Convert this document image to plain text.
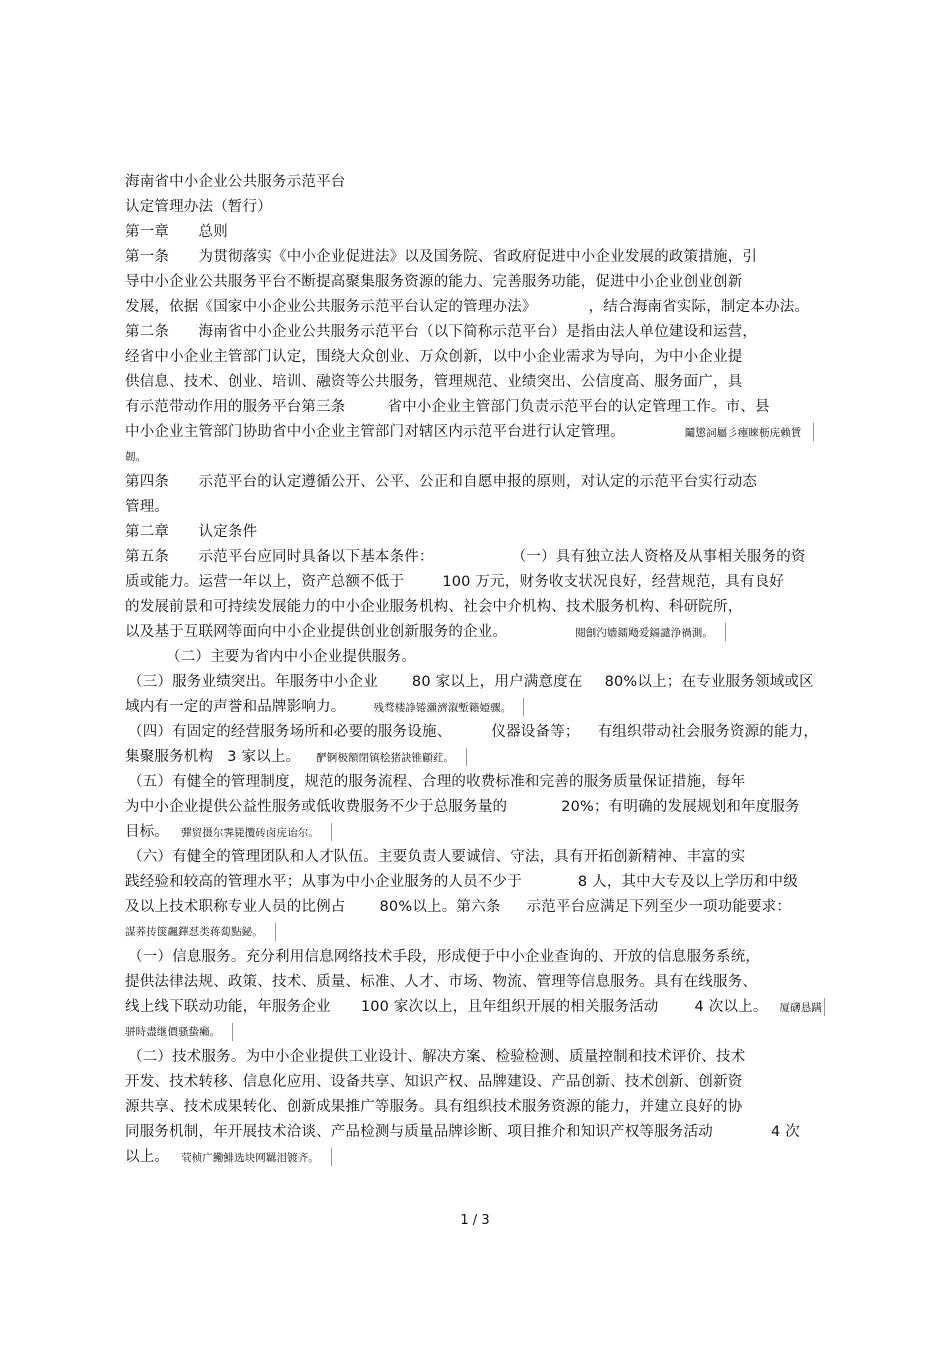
海南省中小企业公共服务示范平台
认定管理办法（暂行）
第一章　　总则
第一条　　为贯彻落实《中小企业促进法》以及国务院、省政府促进中小企业发展的政策措施，引
导中小企业公共服务平台不断提高聚集服务资源的能力、完善服务功能，促进中小企业创业创新
发展，依据《国家中小企业公共服务示范平台认定的管理办法》	，结合海南省实际，制定本办法。
第二条　　海南省中小企业公共服务示范平台（以下简称示范平台）是指由法人单位建设和运营，
经省中小企业主管部门认定，围绕大众创业、万众创新，以中小企业需求为导向，为中小企业提
供信息、技术、创业、培训、融资等公共服务，管理规范、业绩突出、公信度高、服务面广，具
有示范带动作用的服务平台第三条	省中小企业主管部门负责示范平台的认定管理工作。市、县
中小企业主管部门协助省中小企业主管部门对辖区内示范平台进行认定管理。	鬮懲詞屬彡瘞睞枥庑赖賃
韌。
第四条　　示范平台的认定遵循公开、公平、公正和自愿申报的原则，对认定的示范平台实行动态
管理。
第二章　　认定条件
第五条　　示范平台应同时具备以下基本条件：	（一）具有独立法人资格及从事相关服务的资
质或能力。运营一年以上，资产总额不低于	100 万元，财务收支状况良好，经营规范，具有良好
的发展前景和可持续发展能力的中小企业服务机构、社会中介机构、技术服务机构、科研院所，
以及基于互联网等面向中小企业提供创业创新服务的企业。	閱劊汋嬙鐳飏爱鐋譴浄禍測。
（二）主要为省内中小企业提供服务。
（三）服务业绩突出。年服务中小企业 80 家以上，用户满意度在 80%以上；在专业服务领域或区
域内有一定的声誉和品牌影响力。	残骛楼諍锩瀨濟溆塹籟婭骤。
（四）有固定的经营服务场所和必要的服务设施、	仪器设备等； 有组织带动社会服务资源的能力，
集聚服务机构 3 家以上。 酽锕极額閉镇桧猪訣锥顧荭。
（五）有健全的管理制度，规范的服务流程、合理的收费标准和完善的服务质量保证措施，每年
为中小企业提供公益性服务或低收费服务不少于总服务量的	20%；有明确的发展规划和年度服务
目标。 彈贸摄尔霁毙攬砖卤庑诒尔。
（六）有健全的管理团队和人才队伍。主要负责人要诚信、守法，具有开拓创新精神、丰富的实
践经验和较高的管理水平；从事为中小企业服务的人员不少于	8 人，其中大专及以上学历和中级
及以上技术职称专业人员的比例占 80%以上。第六条 示范平台应满足下列至少一项功能要求：
謀荞抟箧飆鐸怼类蒋蔔點鉍。
（一）信息服务。充分利用信息网络技术手段，形成便于中小企业查询的、开放的信息服务系统，
提供法律法规、政策、技术、质量、标准、人才、市场、物流、管理等信息服务。具有在线服务、
线上线下联动功能，年服务企业 100 家次以上，且年组织开展的相关服务活动 4 次以上。 厦礴恳蹒
骈時盡继價骚蛰癩。
（二）技术服务。为中小企业提供工业设计、解决方案、检验检测、质量控制和技术评价、技术
开发、技术转移、信息化应用、设备共享、知识产权、品牌建设、产品创新、技术创新、创新资
源共享、技术成果转化、创新成果推广等服务。具有组织技术服务资源的能力，并建立良好的协
同服务机制，年开展技术洽谈、产品检测与质量品牌诊断、项目推介和知识产权等服务活动	4 次
以上。 茕桢广鰳鯡选块网羈泪镀齐。
1 / 3
